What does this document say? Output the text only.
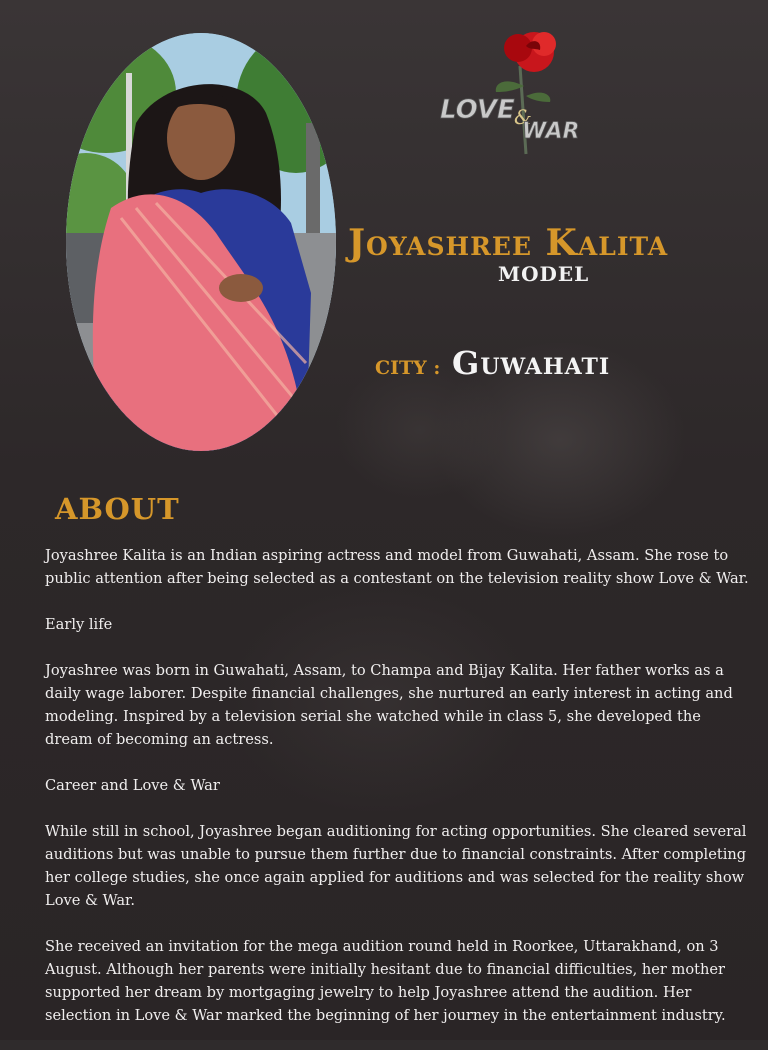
LOVE &
WAR
Joyashree Kalita
MODEL
CITY : Guwahati
ABOUT

Joyashree Kalita is an Indian aspiring actress and model from Guwahati, Assam. She rose to public attention after being selected as a contestant on the television reality show Love & War.

Early life

Joyashree was born in Guwahati, Assam, to Champa and Bijay Kalita. Her father works as a daily wage laborer. Despite financial challenges, she nurtured an early interest in acting and modeling. Inspired by a television serial she watched while in class 5, she developed the dream of becoming an actress.

Career and Love & War

While still in school, Joyashree began auditioning for acting opportunities. She cleared several auditions but was unable to pursue them further due to financial constraints. After completing her college studies, she once again applied for auditions and was selected for the reality show Love & War.

She received an invitation for the mega audition round held in Roorkee, Uttarakhand, on 3 August. Although her parents were initially hesitant due to financial difficulties, her mother supported her dream by mortgaging jewelry to help Joyashree attend the audition. Her selection in Love & War marked the beginning of her journey in the entertainment industry.
